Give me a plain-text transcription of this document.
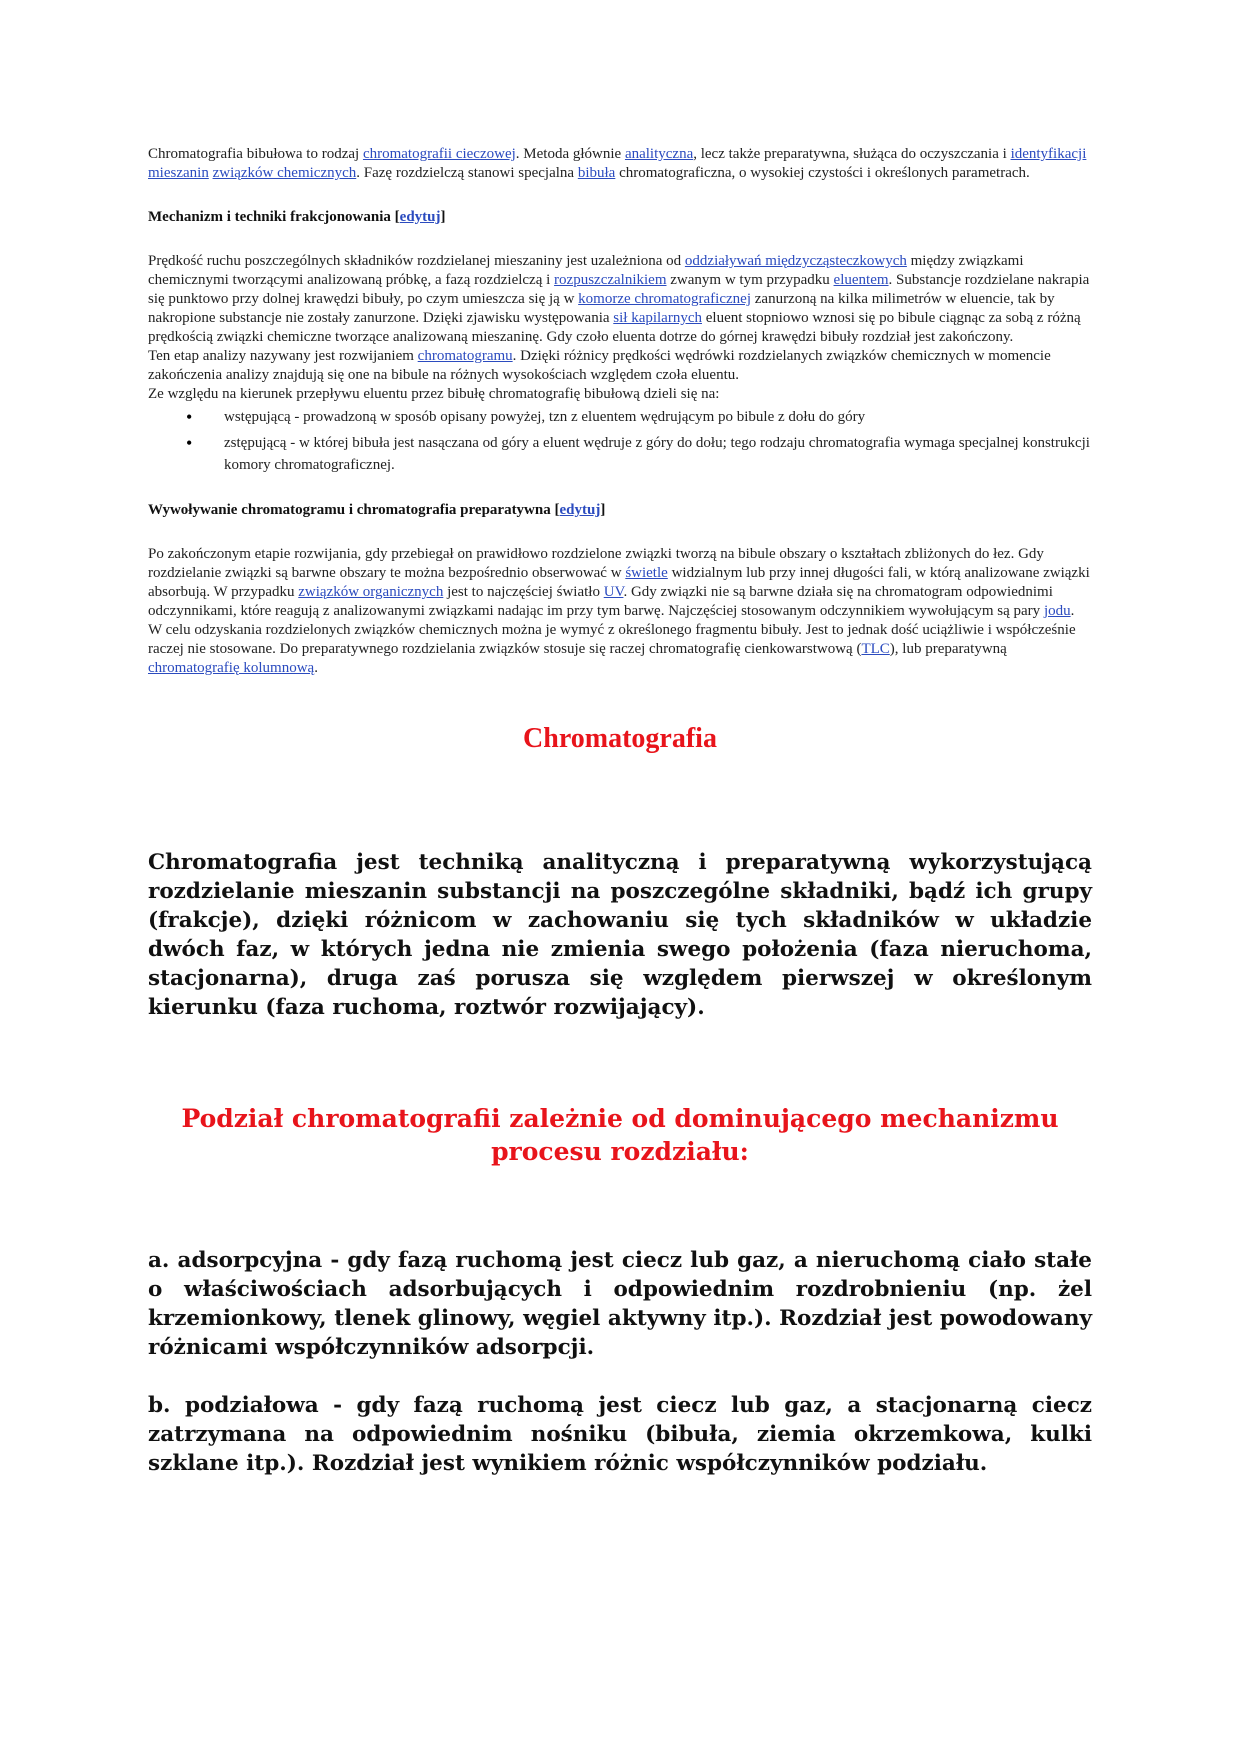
Chromatografia bibułowa to rodzaj chromatografii cieczowej. Metoda głównie analityczna, lecz także preparatywna, służąca do oczyszczania i identyfikacji mieszanin związków chemicznych. Fazę rozdzielczą stanowi specjalna bibuła chromatograficzna, o wysokiej czystości i określonych parametrach.

Mechanizm i techniki frakcjonowania [edytuj]

Prędkość ruchu poszczególnych składników rozdzielanej mieszaniny jest uzależniona od oddziaływań międzycząsteczkowych między związkami chemicznymi tworzącymi analizowaną próbkę, a fazą rozdzielczą i rozpuszczalnikiem zwanym w tym przypadku eluentem. Substancje rozdzielane nakrapia się punktowo przy dolnej krawędzi bibuły, po czym umieszcza się ją w komorze chromatograficznej zanurzoną na kilka milimetrów w eluencie, tak by nakropione substancje nie zostały zanurzone. Dzięki zjawisku występowania sił kapilarnych eluent stopniowo wznosi się po bibule ciągnąc za sobą z różną prędkością związki chemiczne tworzące analizowaną mieszaninę. Gdy czoło eluenta dotrze do górnej krawędzi bibuły rozdział jest zakończony.

Ten etap analizy nazywany jest rozwijaniem chromatogramu. Dzięki różnicy prędkości wędrówki rozdzielanych związków chemicznych w momencie zakończenia analizy znajdują się one na bibule na różnych wysokościach względem czoła eluentu.

Ze względu na kierunek przepływu eluentu przez bibułę chromatografię bibułową dzieli się na:

• wstępującą - prowadzoną w sposób opisany powyżej, tzn z eluentem wędrującym po bibule z dołu do góry
• zstępującą - w której bibuła jest nasączana od góry a eluent wędruje z góry do dołu; tego rodzaju chromatografia wymaga specjalnej konstrukcji komory chromatograficznej.
Wywoływanie chromatogramu i chromatografia preparatywna [edytuj]

Po zakończonym etapie rozwijania, gdy przebiegał on prawidłowo rozdzielone związki tworzą na bibule obszary o kształtach zbliżonych do łez. Gdy rozdzielanie związki są barwne obszary te można bezpośrednio obserwować w świetle widzialnym lub przy innej długości fali, w którą analizowane związki absorbują. W przypadku związków organicznych jest to najczęściej światło UV. Gdy związki nie są barwne działa się na chromatogram odpowiednimi odczynnikami, które reagują z analizowanymi związkami nadając im przy tym barwę. Najczęściej stosowanym odczynnikiem wywołującym są pary jodu.

W celu odzyskania rozdzielonych związków chemicznych można je wymyć z określonego fragmentu bibuły. Jest to jednak dość uciążliwie i współcześnie raczej nie stosowane. Do preparatywnego rozdzielania związków stosuje się raczej chromatografię cienkowarstwową (TLC), lub preparatywną chromatografię kolumnową.

Chromatografia

Chromatografia jest techniką analityczną i preparatywną wykorzystującą rozdzielanie mieszanin substancji na poszczególne składniki, bądź ich grupy (frakcje), dzięki różnicom w zachowaniu się tych składników w układzie dwóch faz, w których jedna nie zmienia swego położenia (faza nieruchoma, stacjonarna), druga zaś porusza się względem pierwszej w określonym kierunku (faza ruchoma, roztwór rozwijający).

Podział chromatografii zależnie od dominującego mechanizmu procesu rozdziału:

a. adsorpcyjna - gdy fazą ruchomą jest ciecz lub gaz, a nieruchomą ciało stałe o właściwościach adsorbujących i odpowiednim rozdrobnieniu (np. żel krzemionkowy, tlenek glinowy, węgiel aktywny itp.). Rozdział jest powodowany różnicami współczynników adsorpcji.

b. podziałowa - gdy fazą ruchomą jest ciecz lub gaz, a stacjonarną ciecz zatrzymana na odpowiednim nośniku (bibuła, ziemia okrzemkowa, kulki szklane itp.). Rozdział jest wynikiem różnic współczynników podziału.
